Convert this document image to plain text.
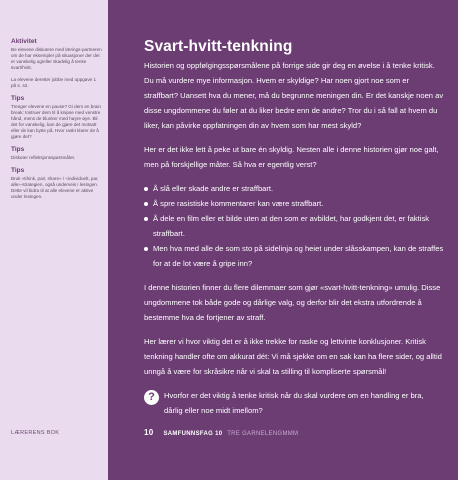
Aktivitet

Be elevene diskutere med lærings-partneren om de har eksempler på situasjoner der det er vanskelig og/eller skadelig å tenke svart/hvitt.

La elevene deretter jobbe med oppgave 1 på s. 42.

Tips

Trenger elevene en pause? Gi dem en brain break: Instruer dem til å knipse med venstre hånd, mens de blunker med høyre øye. Bli det for vanskelig, kan de gjøre det motsatt eller de kan bytte på. Hvor raskt klarer de å gjøre det?

Tips

Diskuter refleksjonsspørsmålet.

Tips

Bruk «tihink, pair, share» / «individuelt, par, alle»-strategien, også underveis i lesingen. Dette vil bidra til at alle elevene er aktive under lesingen.

LÆRERENS BOK
Svart-hvitt-tenkning

Historien og oppfølgingsspørsmålene på forrige side gir deg en øvelse i å tenke kritisk. Du må vurdere mye informasjon. Hvem er skyldige? Har noen gjort noe som er straffbart? Uansett hva du mener, må du begrunne meningen din. Er det kanskje noen av disse ungdommene du føler at du liker bedre enn de andre? Tror du i så fall at hvem du liker, kan påvirke oppfatningen din av hvem som har mest skyld?

Her er det ikke lett å peke ut bare én skyldig. Nesten alle i denne historien gjør noe galt, men på forskjellige måter. Så hva er egentlig verst?

Å slå eller skade andre er straffbart.
Å spre rasistiske kommentarer kan være straffbart.
Å dele en film eller et bilde uten at den som er avbildet, har godkjent det, er faktisk straffbart.
Men hva med alle de som sto på sidelinja og heiet under slåsskampen, kan de straffes for at de lot være å gripe inn?

I denne historien finner du flere dilemmaer som gjør «svart-hvitt-tenkning» umulig. Disse ungdommene tok både gode og dårlige valg, og derfor blir det ekstra utfordrende å bestemme hva de fortjener av straff.

Her lærer vi hvor viktig det er å ikke trekke for raske og lettvinte konklusjoner. Kritisk tenkning handler ofte om akkurat dét: Vi må sjekke om en sak kan ha flere sider, og alltid unngå å være for skråsikre når vi skal ta stilling til kompliserte spørsmål!

?	Hvorfor er det viktig å tenke kritisk når du skal vurdere om en handling er bra, dårlig eller noe midt imellom?
10 SAMFUNNSFAG 10 TRE GARNELENGMMM
